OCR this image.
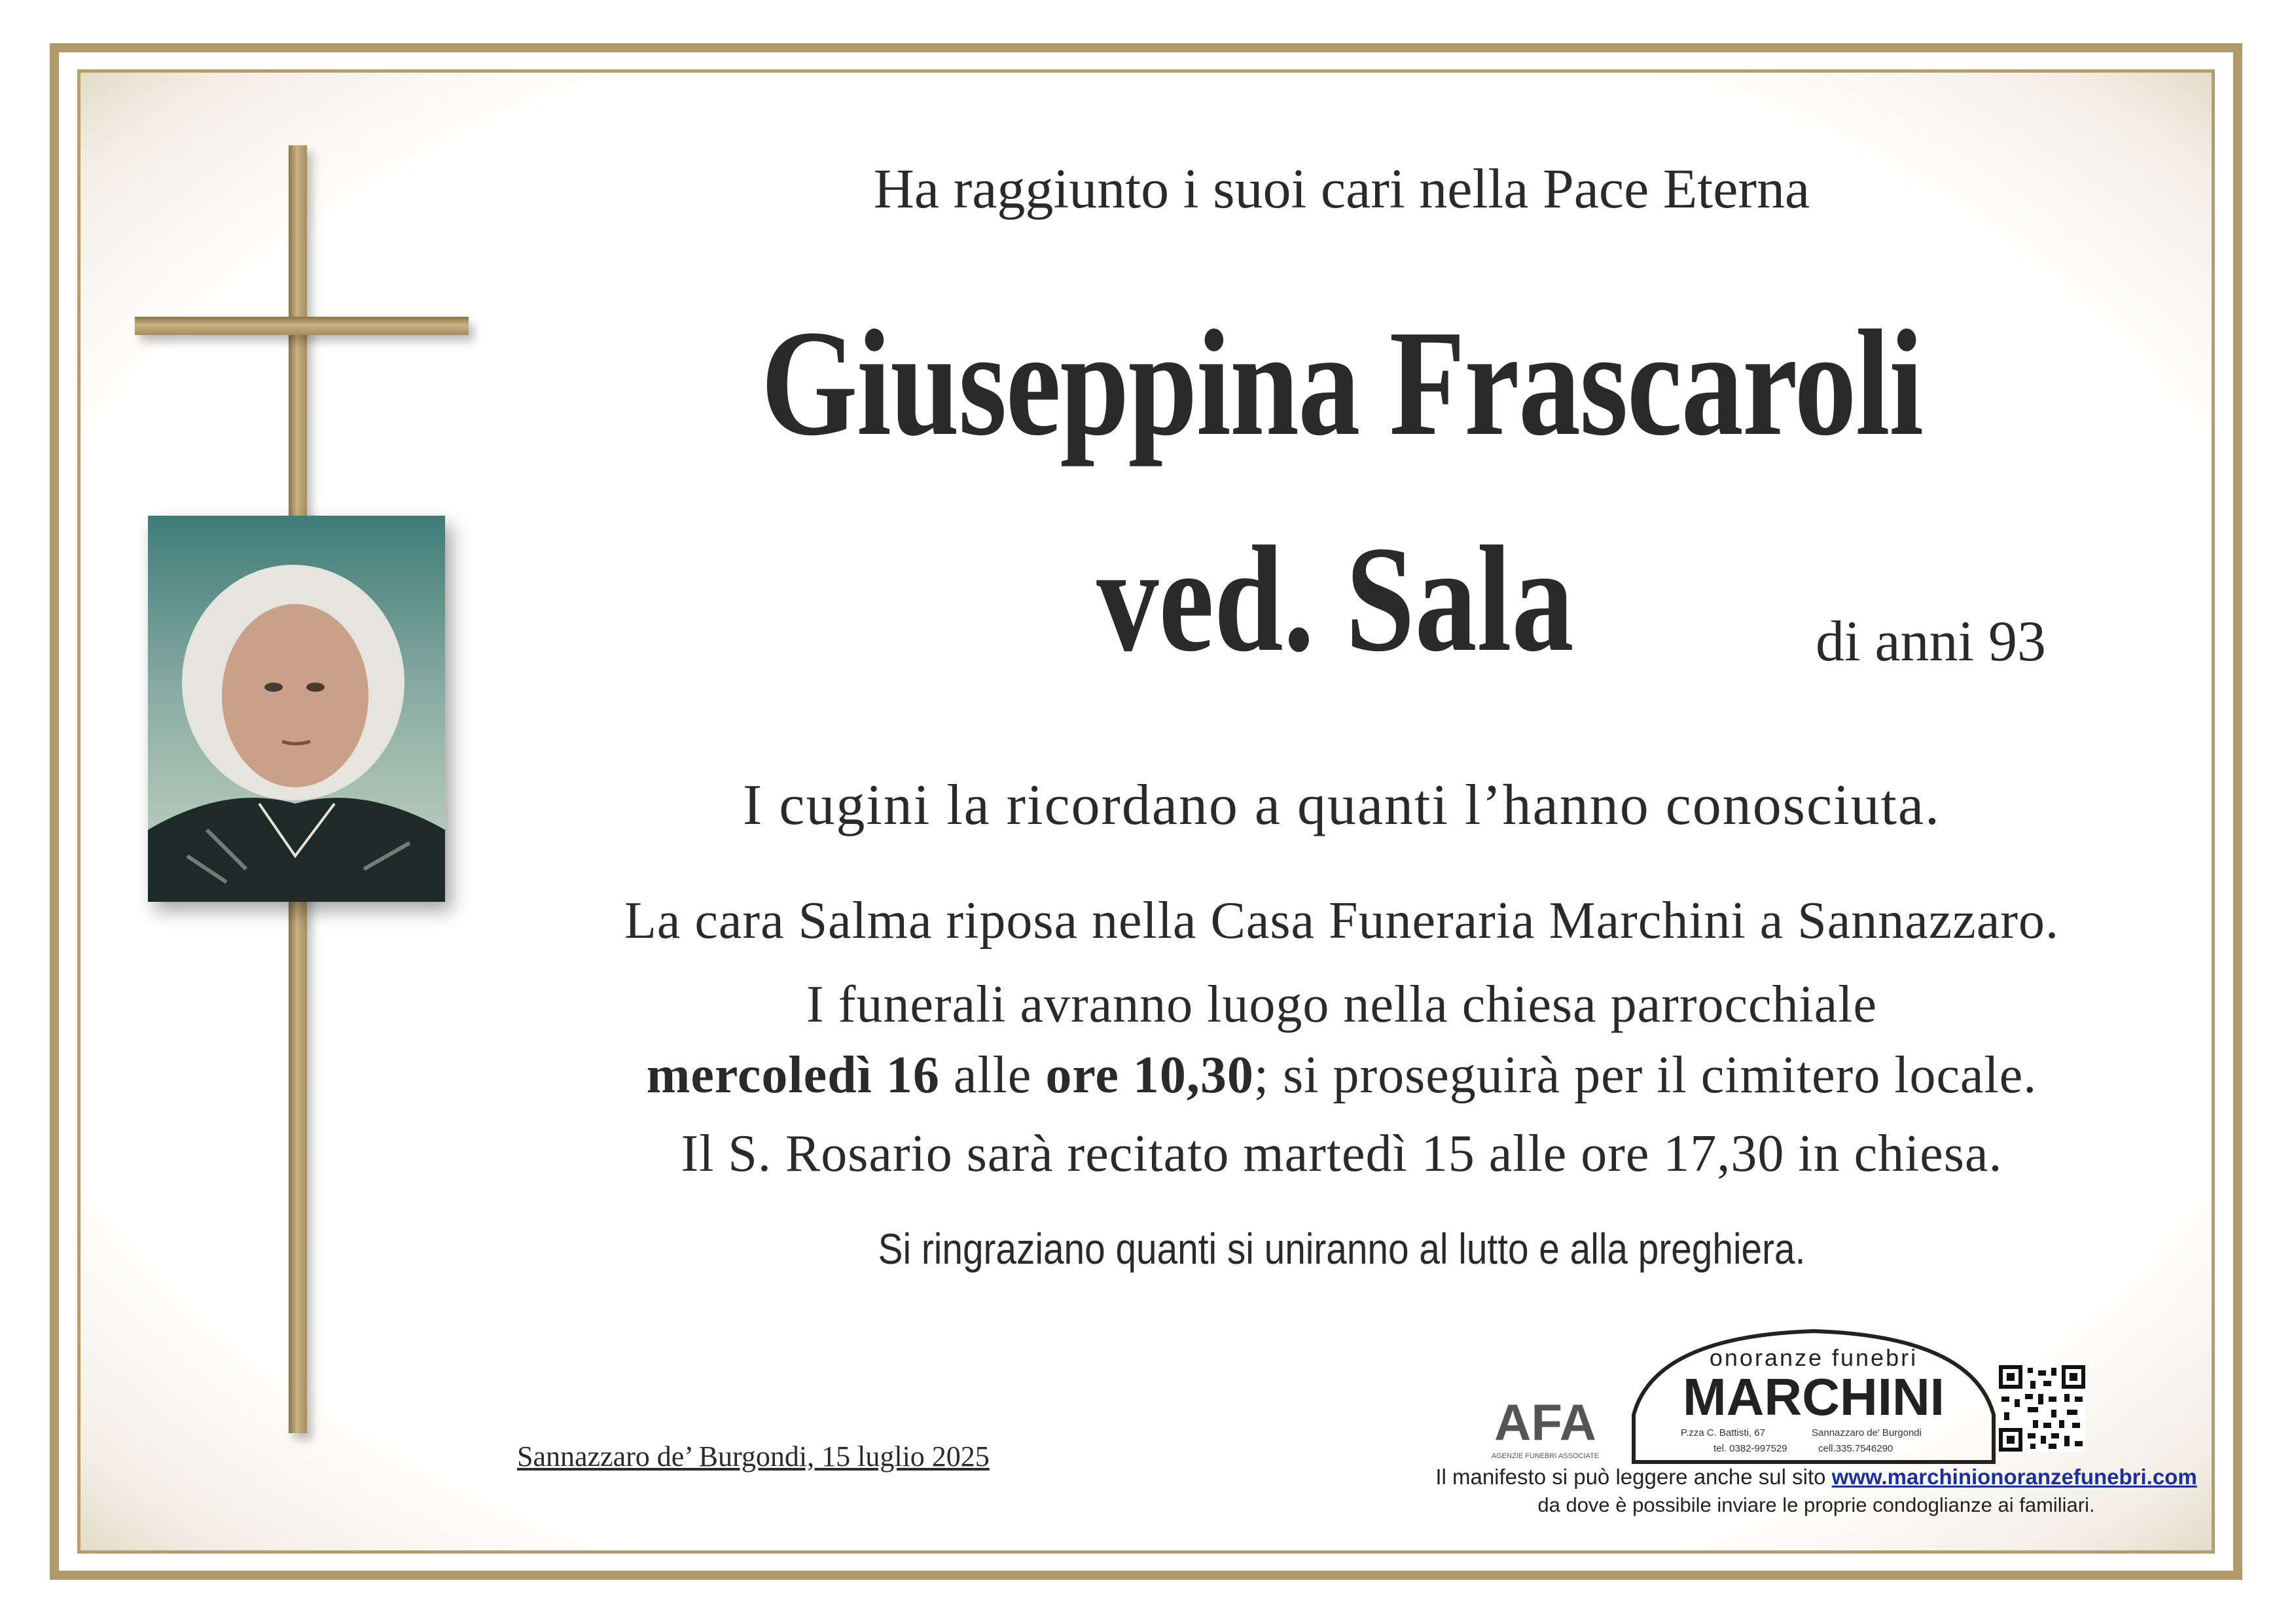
Ha raggiunto i suoi cari nella Pace Eterna
Giuseppina Frascaroli
ved. Sala	di anni 93
I cugini la ricordano a quanti l’hanno conosciuta.
La cara Salma riposa nella Casa Funeraria Marchini a Sannazzaro.
I funerali avranno luogo nella chiesa parrocchiale
mercoledì 16 alle ore 10,30; si proseguirà per il cimitero locale.
Il S. Rosario sarà recitato martedì 15 alle ore 17,30 in chiesa.
Si ringraziano quanti si uniranno al lutto e alla preghiera.
Sannazzaro de’ Burgondi, 15 luglio 2025
AFA
AGENZIE FUNEBRI ASSOCIATE
onoranze funebri
MARCHINI
P.zza C. Battisti, 67	Sannazzaro de' Burgondi
tel. 0382-997529	cell.335.7546290
Il manifesto si può leggere anche sul sito www.marchinionoranzefunebri.com
da dove è possibile inviare le proprie condoglianze ai familiari.
